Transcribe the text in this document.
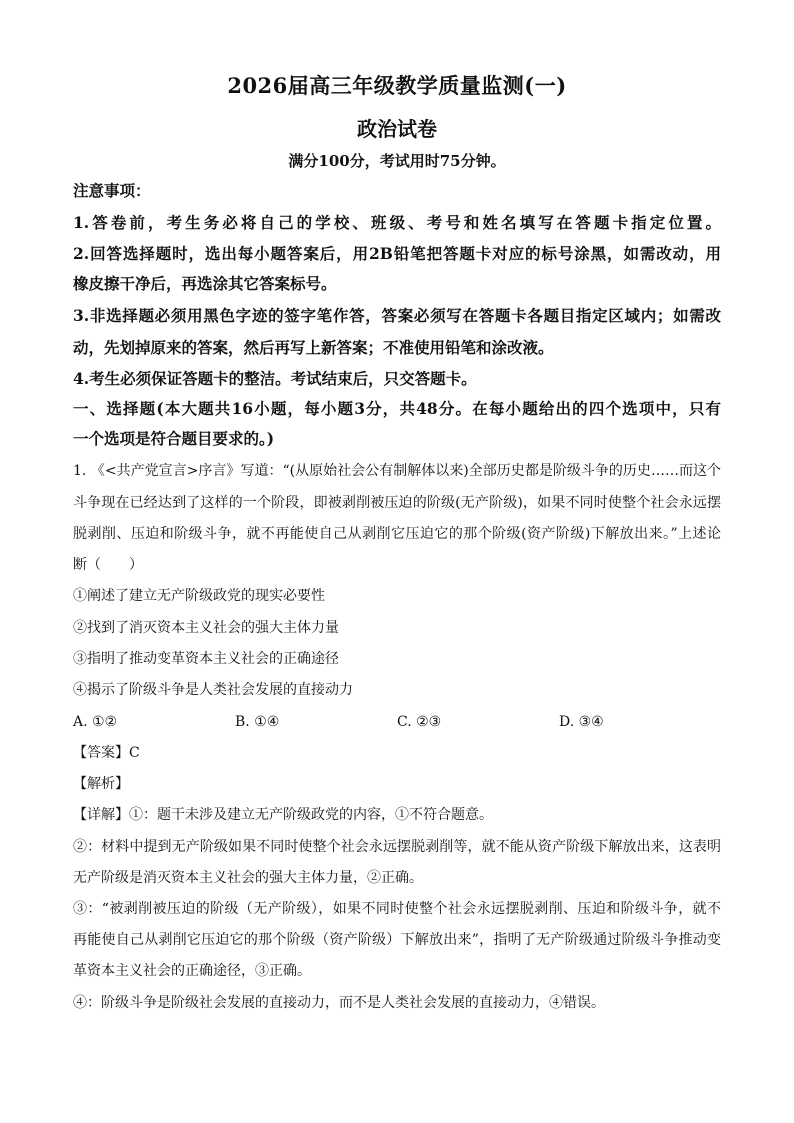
2026届高三年级教学质量监测(一)
政治试卷
满分100分，考试用时75分钟。
注意事项：
1.答卷前，考生务必将自己的学校、班级、考号和姓名填写在答题卡指定位置。
2.回答选择题时，选出每小题答案后，用2B铅笔把答题卡对应的标号涂黑，如需改动，用
橡皮擦干净后，再选涂其它答案标号。
3.非选择题必须用黑色字迹的签字笔作答，答案必须写在答题卡各题目指定区域内；如需改
动，先划掉原来的答案，然后再写上新答案；不准使用铅笔和涂改液。
4.考生必须保证答题卡的整洁。考试结束后，只交答题卡。
一、选择题(本大题共16小题，每小题3分，共48分。在每小题给出的四个选项中，只有
一个选项是符合题目要求的。)
1. 《<共产党宣言>序言》写道：“(从原始社会公有制解体以来)全部历史都是阶级斗争的历史……而这个
斗争现在已经达到了这样的一个阶段，即被剥削被压迫的阶级(无产阶级)，如果不同时使整个社会永远摆
脱剥削、压迫和阶级斗争，就不再能使自己从剥削它压迫它的那个阶级(资产阶级)下解放出来。”上述论
断（　　）
①阐述了建立无产阶级政党的现实必要性
②找到了消灭资本主义社会的强大主体力量
③指明了推动变革资本主义社会的正确途径
④揭示了阶级斗争是人类社会发展的直接动力
A. ①②	B. ①④	C. ②③	D. ③④
【答案】C
【解析】
【详解】①：题干未涉及建立无产阶级政党的内容，①不符合题意。
②：材料中提到无产阶级如果不同时使整个社会永远摆脱剥削等，就不能从资产阶级下解放出来，这表明
无产阶级是消灭资本主义社会的强大主体力量，②正确。
③：“被剥削被压迫的阶级（无产阶级），如果不同时使整个社会永远摆脱剥削、压迫和阶级斗争，就不
再能使自己从剥削它压迫它的那个阶级（资产阶级）下解放出来”，指明了无产阶级通过阶级斗争推动变
革资本主义社会的正确途径，③正确。
④：阶级斗争是阶级社会发展的直接动力，而不是人类社会发展的直接动力，④错误。
